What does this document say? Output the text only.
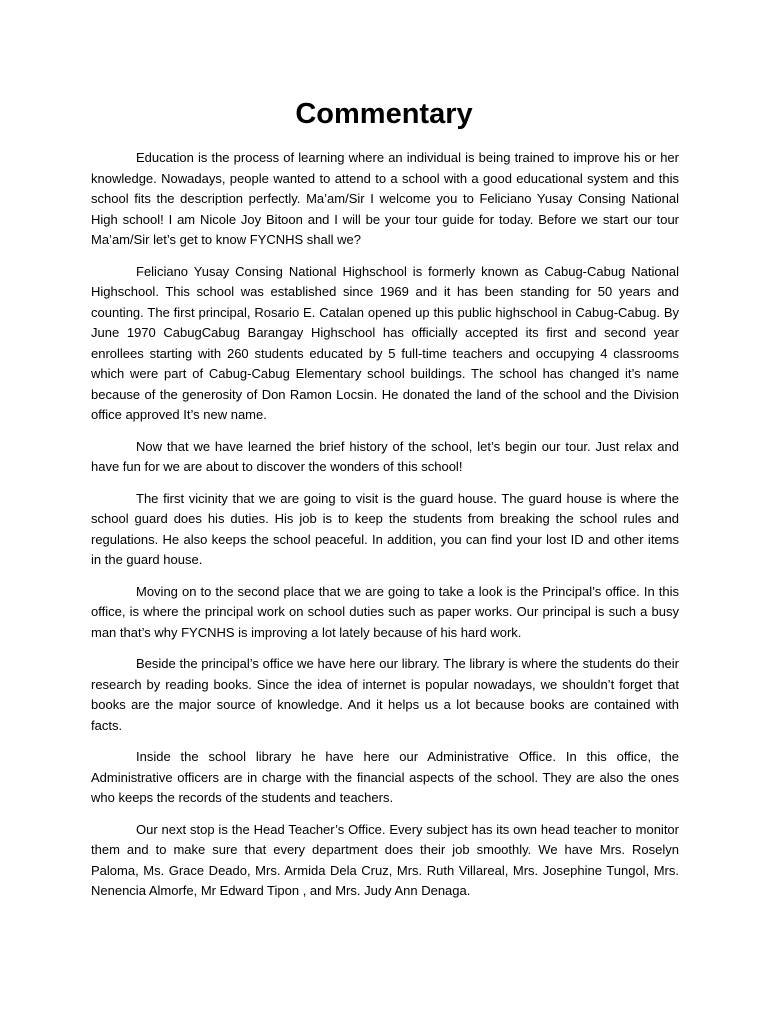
Commentary

Education is the process of learning where an individual is being trained to improve his or her knowledge. Nowadays, people wanted to attend to a school with a good educational system and this school fits the description perfectly. Ma’am/Sir I welcome you to Feliciano Yusay Consing National High school! I am Nicole Joy Bitoon and I will be your tour guide for today. Before we start our tour Ma’am/Sir let’s get to know FYCNHS shall we?

Feliciano Yusay Consing National Highschool is formerly known as Cabug-Cabug National Highschool. This school was established since 1969 and it has been standing for 50 years and counting. The first principal, Rosario E. Catalan opened up this public highschool in Cabug-Cabug. By June 1970 CabugCabug Barangay Highschool has officially accepted its first and second year enrollees starting with 260 students educated by 5 full-time teachers and occupying 4 classrooms which were part of Cabug-Cabug Elementary school buildings. The school has changed it’s name because of the generosity of Don Ramon Locsin. He donated the land of the school and the Division office approved It’s new name.

Now that we have learned the brief history of the school, let’s begin our tour. Just relax and have fun for we are about to discover the wonders of this school!

The first vicinity that we are going to visit is the guard house. The guard house is where the school guard does his duties. His job is to keep the students from breaking the school rules and regulations. He also keeps the school peaceful. In addition, you can find your lost ID and other items in the guard house.

Moving on to the second place that we are going to take a look is the Principal’s office. In this office, is where the principal work on school duties such as paper works. Our principal is such a busy man that’s why FYCNHS is improving a lot lately because of his hard work.

Beside the principal’s office we have here our library. The library is where the students do their research by reading books. Since the idea of internet is popular nowadays, we shouldn’t forget that books are the major source of knowledge. And it helps us a lot because books are contained with facts.

Inside the school library he have here our Administrative Office. In this office, the Administrative officers are in charge with the financial aspects of the school. They are also the ones who keeps the records of the students and teachers.

Our next stop is the Head Teacher’s Office. Every subject has its own head teacher to monitor them and to make sure that every department does their job smoothly. We have Mrs. Roselyn Paloma, Ms. Grace Deado, Mrs. Armida Dela Cruz, Mrs. Ruth Villareal, Mrs. Josephine Tungol, Mrs. Nenencia Almorfe, Mr Edward Tipon , and Mrs. Judy Ann Denaga.
